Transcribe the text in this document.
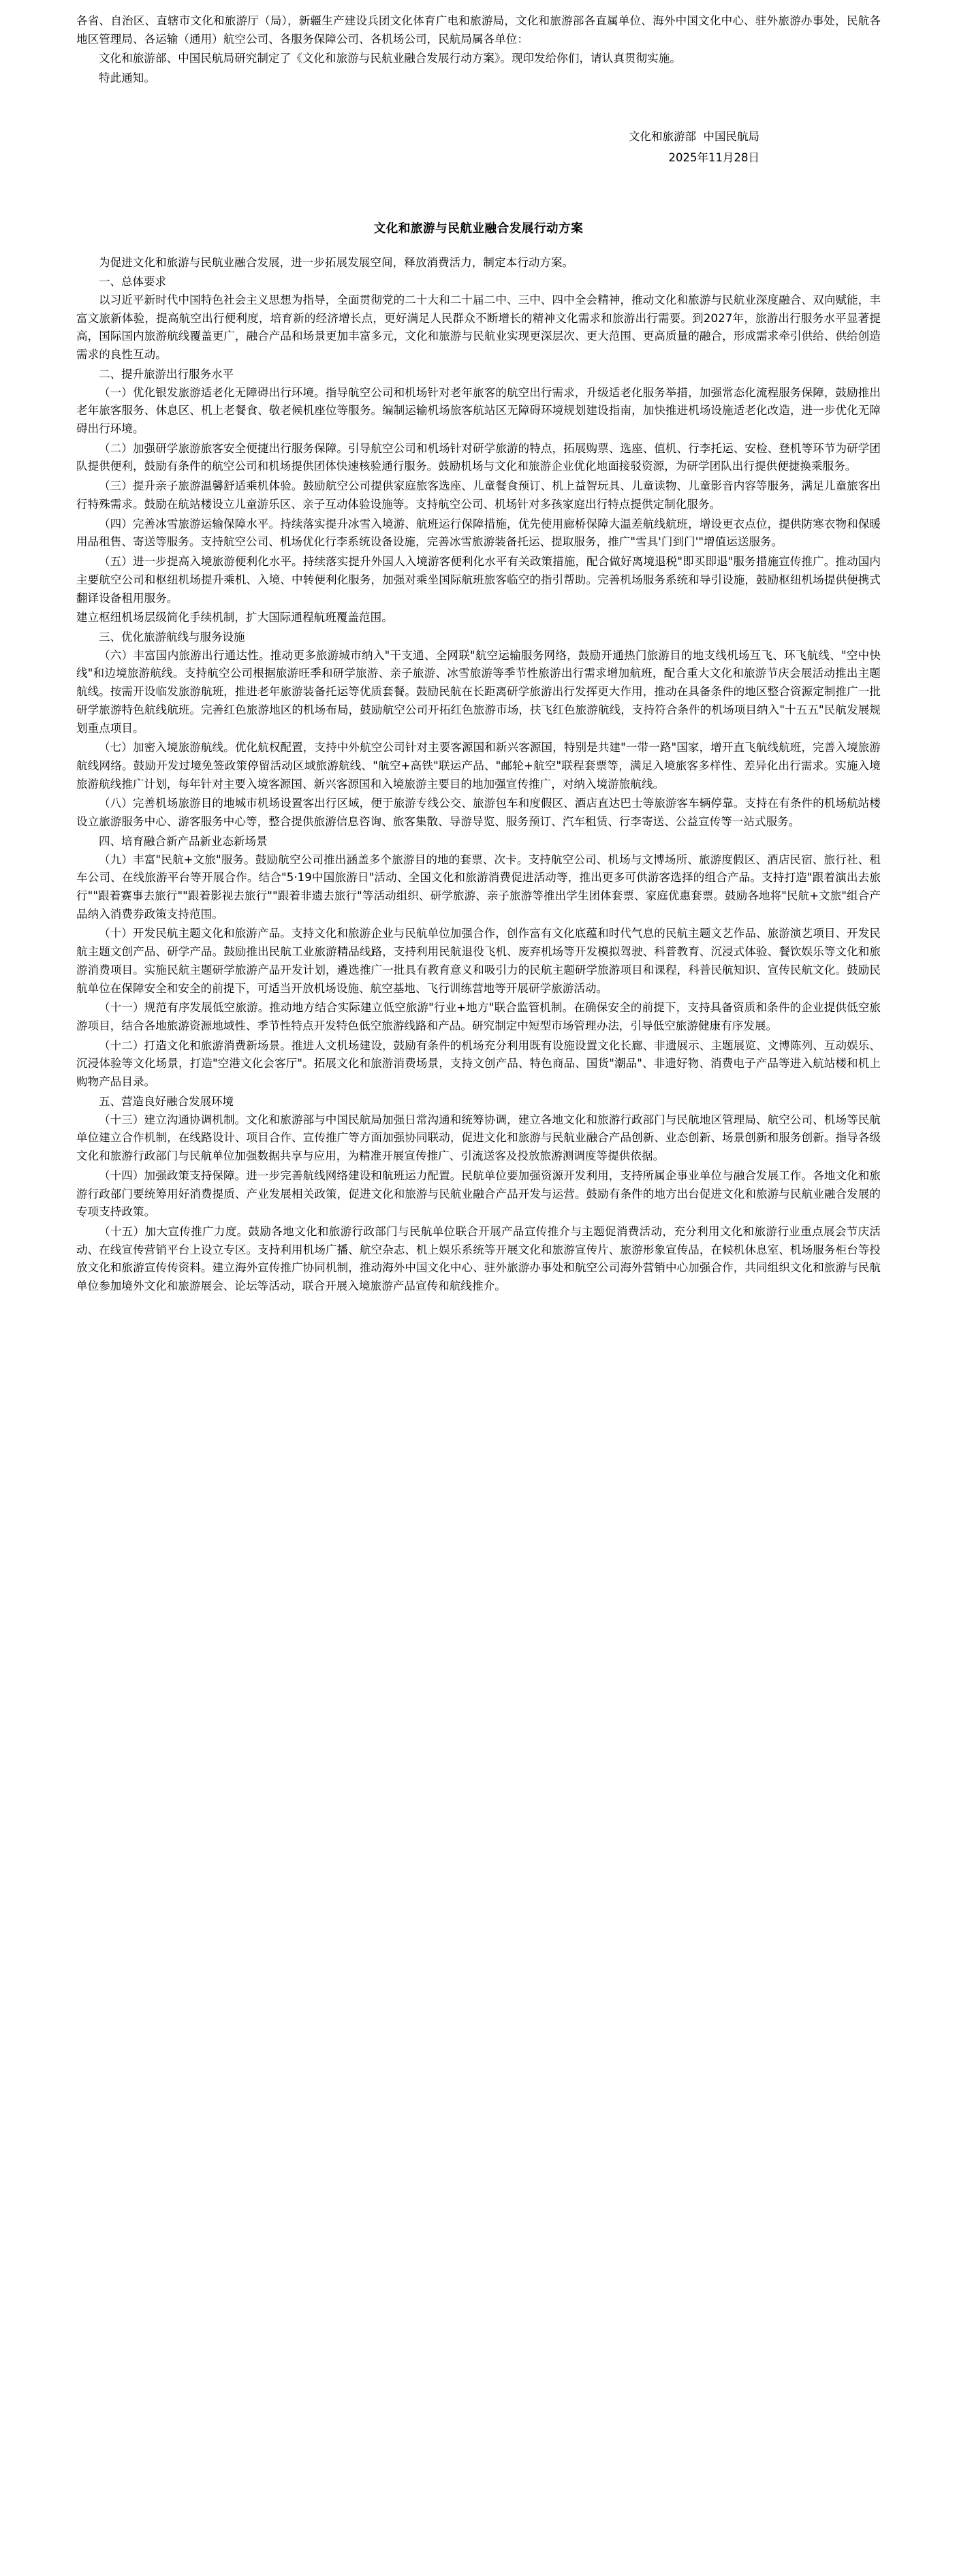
各省、自治区、直辖市文化和旅游厅（局），新疆生产建设兵团文化体育广电和旅游局，文化和旅游部各直属单位、海外中国文化中心、驻外旅游办事处，民航各地区管理局、各运输（通用）航空公司、各服务保障公司、各机场公司，民航局属各单位：

文化和旅游部、中国民航局研究制定了《文化和旅游与民航业融合发展行动方案》。现印发给你们，请认真贯彻实施。

特此通知。

文化和旅游部  中国民航局
2025年11月28日
文化和旅游与民航业融合发展行动方案

为促进文化和旅游与民航业融合发展，进一步拓展发展空间，释放消费活力，制定本行动方案。

一、总体要求

以习近平新时代中国特色社会主义思想为指导，全面贯彻党的二十大和二十届二中、三中、四中全会精神，推动文化和旅游与民航业深度融合、双向赋能，丰富文旅新体验，提高航空出行便利度，培育新的经济增长点，更好满足人民群众不断增长的精神文化需求和旅游出行需要。到2027年，旅游出行服务水平显著提高，国际国内旅游航线覆盖更广，融合产品和场景更加丰富多元，文化和旅游与民航业实现更深层次、更大范围、更高质量的融合，形成需求牵引供给、供给创造需求的良性互动。

二、提升旅游出行服务水平

（一）优化银发旅游适老化无障碍出行环境。指导航空公司和机场针对老年旅客的航空出行需求，升级适老化服务举措，加强常态化流程服务保障，鼓励推出老年旅客服务、休息区、机上老餐食、敬老候机座位等服务。编制运输机场旅客航站区无障碍环境规划建设指南，加快推进机场设施适老化改造，进一步优化无障碍出行环境。

（二）加强研学旅游旅客安全便捷出行服务保障。引导航空公司和机场针对研学旅游的特点，拓展购票、选座、值机、行李托运、安检、登机等环节为研学团队提供便利，鼓励有条件的航空公司和机场提供团体快速核验通行服务。鼓励机场与文化和旅游企业优化地面接驳资源，为研学团队出行提供便捷换乘服务。

（三）提升亲子旅游温馨舒适乘机体验。鼓励航空公司提供家庭旅客选座、儿童餐食预订、机上益智玩具、儿童读物、儿童影音内容等服务，满足儿童旅客出行特殊需求。鼓励在航站楼设立儿童游乐区、亲子互动体验设施等。支持航空公司、机场针对多孩家庭出行特点提供定制化服务。

（四）完善冰雪旅游运输保障水平。持续落实提升冰雪入境游、航班运行保障措施，优先使用廊桥保障大温差航线航班，增设更衣点位，提供防寒衣物和保暖用品租售、寄送等服务。支持航空公司、机场优化行李系统设备设施，完善冰雪旅游装备托运、提取服务，推广"雪具'门到门'"增值运送服务。

（五）进一步提高入境旅游便利化水平。持续落实提升外国人入境游客便利化水平有关政策措施，配合做好离境退税"即买即退"服务措施宣传推广。推动国内主要航空公司和枢纽机场提升乘机、入境、中转便利化服务，加强对乘坐国际航班旅客临空的指引帮助。完善机场服务系统和导引设施，鼓励枢纽机场提供便携式翻译设备租用服务。

建立枢纽机场层级简化手续机制，扩大国际通程航班覆盖范围。

三、优化旅游航线与服务设施

（六）丰富国内旅游出行通达性。推动更多旅游城市纳入"干支通、全网联"航空运输服务网络，鼓励开通热门旅游目的地支线机场互飞、环飞航线、"空中快线"和边境旅游航线。支持航空公司根据旅游旺季和研学旅游、亲子旅游、冰雪旅游等季节性旅游出行需求增加航班，配合重大文化和旅游节庆会展活动推出主题航线。按需开设临发旅游航班，推进老年旅游装备托运等优质套餐。鼓励民航在长距离研学旅游出行发挥更大作用，推动在具备条件的地区整合资源定制推广一批研学旅游特色航线航班。完善红色旅游地区的机场布局，鼓励航空公司开拓红色旅游市场，扶飞红色旅游航线，支持符合条件的机场项目纳入"十五五"民航发展规划重点项目。

（七）加密入境旅游航线。优化航权配置，支持中外航空公司针对主要客源国和新兴客源国，特别是共建"一带一路"国家，增开直飞航线航班，完善入境旅游航线网络。鼓励开发过境免签政策停留活动区域旅游航线、"航空+高铁"联运产品、"邮轮+航空"联程套票等，满足入境旅客多样性、差异化出行需求。实施入境旅游航线推广计划，每年针对主要入境客源国、新兴客源国和入境旅游主要目的地加强宣传推广，对纳入境游旅航线。

（八）完善机场旅游目的地城市机场设置客出行区域，便于旅游专线公交、旅游包车和度假区、酒店直达巴士等旅游客车辆停靠。支持在有条件的机场航站楼设立旅游服务中心、游客服务中心等，整合提供旅游信息咨询、旅客集散、导游导览、服务预订、汽车租赁、行李寄送、公益宣传等一站式服务。

四、培育融合新产品新业态新场景

（九）丰富"民航+文旅"服务。鼓励航空公司推出涵盖多个旅游目的地的套票、次卡。支持航空公司、机场与文博场所、旅游度假区、酒店民宿、旅行社、租车公司、在线旅游平台等开展合作。结合"5·19中国旅游日"活动、全国文化和旅游消费促进活动等，推出更多可供游客选择的组合产品。支持打造"跟着演出去旅行""跟着赛事去旅行""跟着影视去旅行""跟着非遗去旅行"等活动组织、研学旅游、亲子旅游等推出学生团体套票、家庭优惠套票。鼓励各地将"民航+文旅"组合产品纳入消费券政策支持范围。

（十）开发民航主题文化和旅游产品。支持文化和旅游企业与民航单位加强合作，创作富有文化底蕴和时代气息的民航主题文艺作品、旅游演艺项目、开发民航主题文创产品、研学产品。鼓励推出民航工业旅游精品线路，支持利用民航退役飞机、废弃机场等开发模拟驾驶、科普教育、沉浸式体验、餐饮娱乐等文化和旅游消费项目。实施民航主题研学旅游产品开发计划，遴选推广一批具有教育意义和吸引力的民航主题研学旅游项目和课程，科普民航知识、宣传民航文化。鼓励民航单位在保障安全和安全的前提下，可适当开放机场设施、航空基地、飞行训练营地等开展研学旅游活动。

（十一）规范有序发展低空旅游。推动地方结合实际建立低空旅游"行业+地方"联合监管机制。在确保安全的前提下，支持具备资质和条件的企业提供低空旅游项目，结合各地旅游资源地域性、季节性特点开发特色低空旅游线路和产品。研究制定中短型市场管理办法，引导低空旅游健康有序发展。

（十二）打造文化和旅游消费新场景。推进人文机场建设，鼓励有条件的机场充分利用既有设施设置文化长廊、非遗展示、主题展览、文博陈列、互动娱乐、沉浸体验等文化场景，打造"空港文化会客厅"。拓展文化和旅游消费场景，支持文创产品、特色商品、国货"潮品"、非遗好物、消费电子产品等进入航站楼和机上购物产品目录。

五、营造良好融合发展环境

（十三）建立沟通协调机制。文化和旅游部与中国民航局加强日常沟通和统筹协调，建立各地文化和旅游行政部门与民航地区管理局、航空公司、机场等民航单位建立合作机制，在线路设计、项目合作、宣传推广等方面加强协同联动，促进文化和旅游与民航业融合产品创新、业态创新、场景创新和服务创新。指导各级文化和旅游行政部门与民航单位加强数据共享与应用，为精准开展宣传推广、引流送客及投放旅游测调度等提供依据。

（十四）加强政策支持保障。进一步完善航线网络建设和航班运力配置。民航单位要加强资源开发利用，支持所属企事业单位与融合发展工作。各地文化和旅游行政部门要统筹用好消费提质、产业发展相关政策，促进文化和旅游与民航业融合产品开发与运营。鼓励有条件的地方出台促进文化和旅游与民航业融合发展的专项支持政策。

（十五）加大宣传推广力度。鼓励各地文化和旅游行政部门与民航单位联合开展产品宣传推介与主题促消费活动，充分利用文化和旅游行业重点展会节庆活动、在线宣传营销平台上设立专区。支持利用机场广播、航空杂志、机上娱乐系统等开展文化和旅游宣传片、旅游形象宣传品，在候机休息室、机场服务柜台等投放文化和旅游宣传传资料。建立海外宣传推广协同机制，推动海外中国文化中心、驻外旅游办事处和航空公司海外营销中心加强合作，共同组织文化和旅游与民航单位参加境外文化和旅游展会、论坛等活动，联合开展入境旅游产品宣传和航线推介。
